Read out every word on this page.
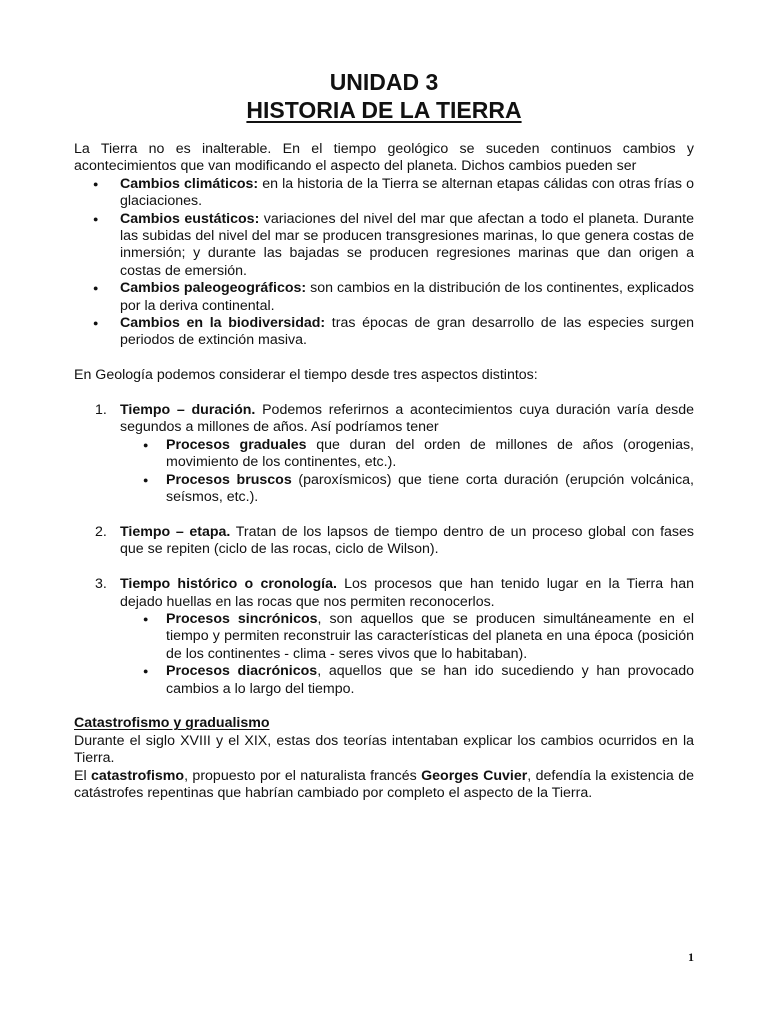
UNIDAD 3
HISTORIA DE LA TIERRA

La Tierra no es inalterable. En el tiempo geológico se suceden continuos cambios y acontecimientos que van modificando el aspecto del planeta. Dichos cambios pueden ser

● Cambios climáticos: en la historia de la Tierra se alternan etapas cálidas con otras frías o glaciaciones.
● Cambios eustáticos: variaciones del nivel del mar que afectan a todo el planeta. Durante las subidas del nivel del mar se producen transgresiones marinas, lo que genera costas de inmersión; y durante las bajadas se producen regresiones marinas que dan origen a costas de emersión.
● Cambios paleogeográficos: son cambios en la distribución de los continentes, explicados por la deriva continental.
● Cambios en la biodiversidad: tras épocas de gran desarrollo de las especies surgen periodos de extinción masiva.

En Geología podemos considerar el tiempo desde tres aspectos distintos:

1. Tiempo – duración. Podemos referirnos a acontecimientos cuya duración varía desde segundos a millones de años. Así podríamos tener
● Procesos graduales que duran del orden de millones de años (orogenias, movimiento de los continentes, etc.).
● Procesos bruscos (paroxísmicos) que tiene corta duración (erupción volcánica, seísmos, etc.).
2. Tiempo – etapa. Tratan de los lapsos de tiempo dentro de un proceso global con fases que se repiten (ciclo de las rocas, ciclo de Wilson).
3. Tiempo histórico o cronología. Los procesos que han tenido lugar en la Tierra han dejado huellas en las rocas que nos permiten reconocerlos.
● Procesos sincrónicos, son aquellos que se producen simultáneamente en el tiempo y permiten reconstruir las características del planeta en una época (posición de los continentes - clima - seres vivos que lo habitaban).
● Procesos diacrónicos, aquellos que se han ido sucediendo y han provocado cambios a lo largo del tiempo.

Catastrofismo y gradualismo

Durante el siglo XVIII y el XIX, estas dos teorías intentaban explicar los cambios ocurridos en la Tierra.

El catastrofismo, propuesto por el naturalista francés Georges Cuvier, defendía la existencia de catástrofes repentinas que habrían cambiado por completo el aspecto de la Tierra.

1
